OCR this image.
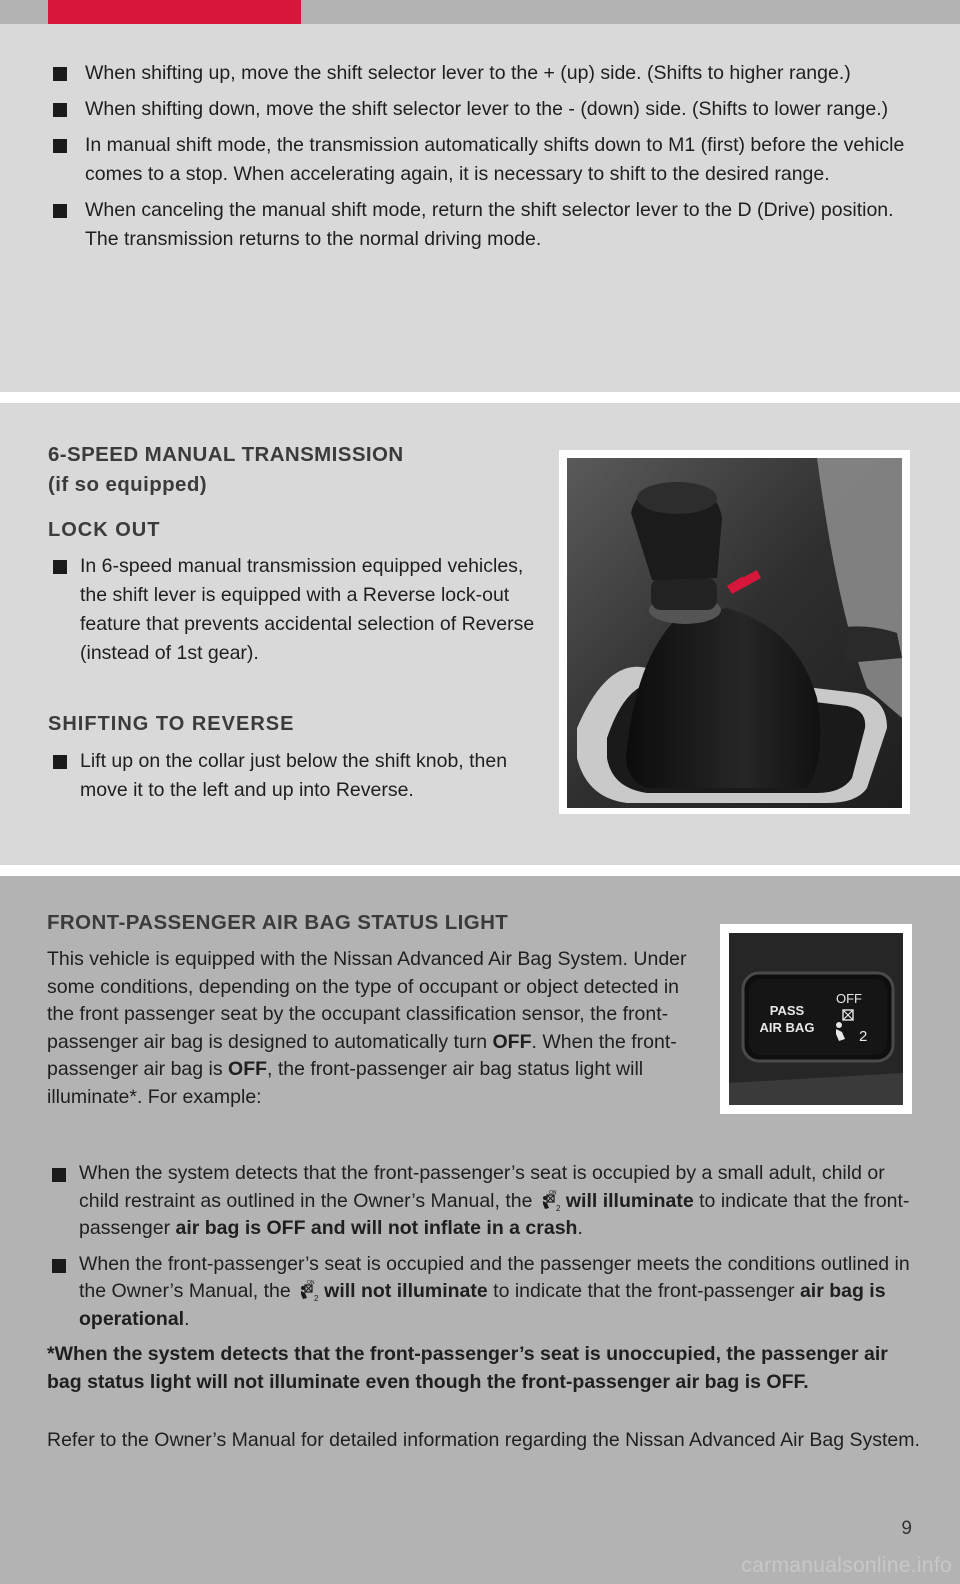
When shifting up, move the shift selector lever to the + (up) side. (Shifts to higher range.)
When shifting down, move the shift selector lever to the - (down) side. (Shifts to lower range.)
In manual shift mode, the transmission automatically shifts down to M1 (first) before the vehicle comes to a stop. When accelerating again, it is necessary to shift to the desired range.
When canceling the manual shift mode, return the shift selector lever to the D (Drive) position. The transmission returns to the normal driving mode.
6-SPEED MANUAL TRANSMISSION
(if so equipped)
LOCK OUT
In 6-speed manual transmission equipped vehicles, the shift lever is equipped with a Reverse lock-out feature that prevents accidental selection of Reverse (instead of 1st gear).
SHIFTING TO REVERSE
Lift up on the collar just below the shift knob, then move it to the left and up into Reverse.
FRONT-PASSENGER AIR BAG STATUS LIGHT
This vehicle is equipped with the Nissan Advanced Air Bag System. Under some conditions, depending on the type of occupant or object detected in the front passenger seat by the occupant classification sensor, the front-passenger air bag is designed to automatically turn OFF. When the front-passenger air bag is OFF, the front-passenger air bag status light will illuminate*. For example:
When the system detects that the front-passenger’s seat is occupied by a small adult, child or child restraint as outlined in the Owner’s Manual, the ON
2 will illuminate to indicate that the front-passenger air bag is OFF and will not inflate in a crash.
When the front-passenger’s seat is occupied and the passenger meets the conditions outlined in the Owner’s Manual, the ON
2 will not illuminate to indicate that the front-passenger air bag is operational.
*When the system detects that the front-passenger’s seat is unoccupied, the passenger air bag status light will not illuminate even though the front-passenger air bag is OFF.
Refer to the Owner’s Manual for detailed information regarding the Nissan Advanced Air Bag System.
PASS
AIR BAG
OFF
2
9
carmanualsonline.info
